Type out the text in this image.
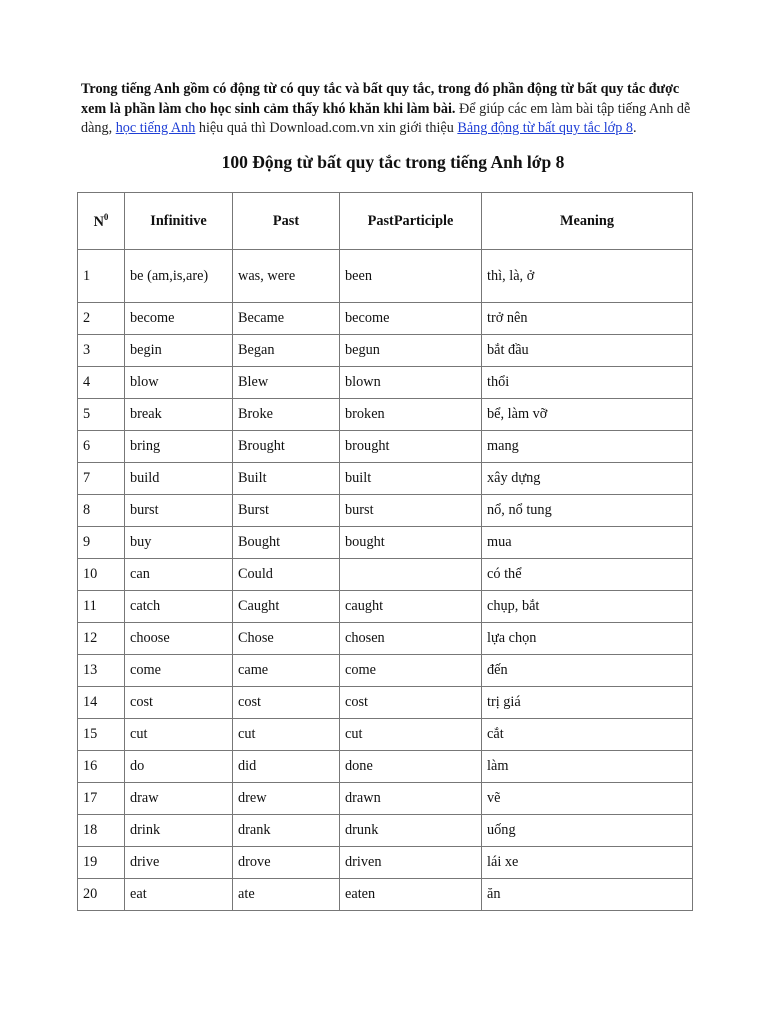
Trong tiếng Anh gồm có động từ có quy tắc và bất quy tắc, trong đó phần động từ bất quy tắc được xem là phần làm cho học sinh cảm thấy khó khăn khi làm bài. Để giúp các em làm bài tập tiếng Anh dễ dàng, học tiếng Anh hiệu quả thì Download.com.vn xin giới thiệu Bảng động từ bất quy tắc lớp 8.

100 Động từ bất quy tắc trong tiếng Anh lớp 8
$N^0$	Infinitive	Past	PastParticiple	Meaning
1	be (am,is,are)	was, were	been	thì, là, ở
2	become	Became	become	trở nên
3	begin	Began	begun	bắt đầu
4	blow	Blew	blown	thổi
5	break	Broke	broken	bể, làm vỡ
6	bring	Brought	brought	mang
7	build	Built	built	xây dựng
8	burst	Burst	burst	nổ, nổ tung
9	buy	Bought	bought	mua
10	can	Could		có thể
11	catch	Caught	caught	chụp, bắt
12	choose	Chose	chosen	lựa chọn
13	come	came	come	đến
14	cost	cost	cost	trị giá
15	cut	cut	cut	cắt
16	do	did	done	làm
17	draw	drew	drawn	vẽ
18	drink	drank	drunk	uống
19	drive	drove	driven	lái xe
20	eat	ate	eaten	ăn
